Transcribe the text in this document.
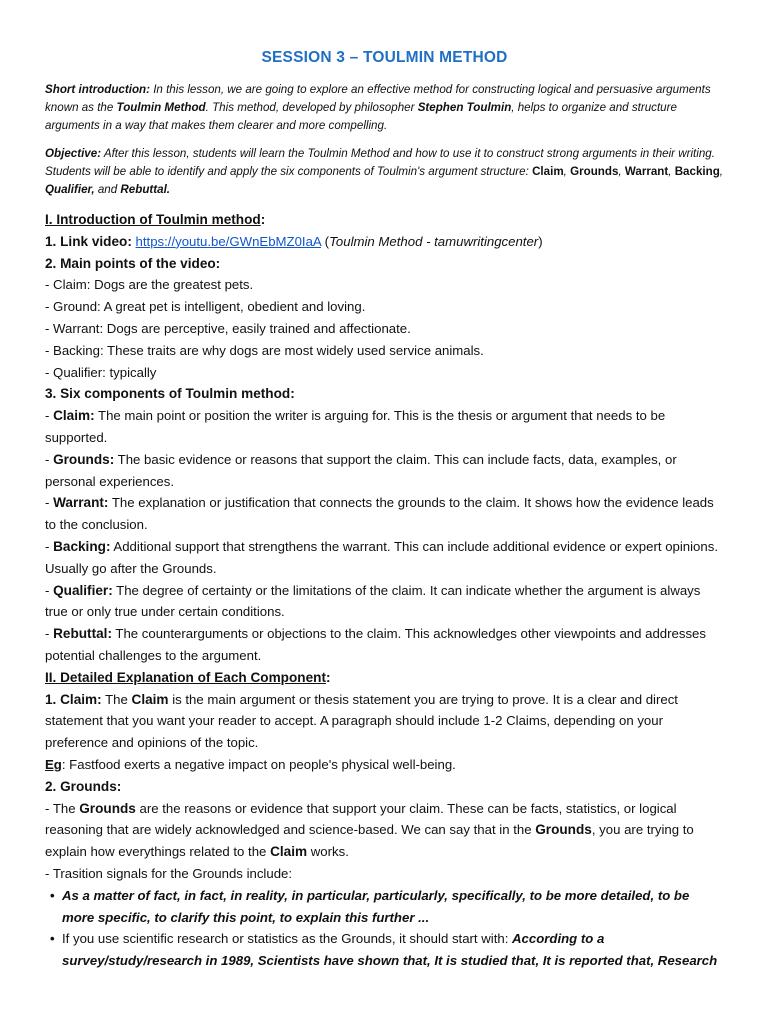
SESSION 3 – TOULMIN METHOD

Short introduction: In this lesson, we are going to explore an effective method for constructing logical and persuasive arguments known as the Toulmin Method. This method, developed by philosopher Stephen Toulmin, helps to organize and structure arguments in a way that makes them clearer and more compelling.

Objective: After this lesson, students will learn the Toulmin Method and how to use it to construct strong arguments in their writing. Students will be able to identify and apply the six components of Toulmin's argument structure: Claim, Grounds, Warrant, Backing, Qualifier, and Rebuttal.

I. Introduction of Toulmin method:

1. Link video: https://youtu.be/GWnEbMZ0IaA (Toulmin Method - tamuwritingcenter)

2. Main points of the video:

- Claim: Dogs are the greatest pets.

- Ground: A great pet is intelligent, obedient and loving.

- Warrant: Dogs are perceptive, easily trained and affectionate.

- Backing: These traits are why dogs are most widely used service animals.

- Qualifier: typically

3. Six components of Toulmin method:

- Claim: The main point or position the writer is arguing for. This is the thesis or argument that needs to be supported.

- Grounds: The basic evidence or reasons that support the claim. This can include facts, data, examples, or personal experiences.

- Warrant: The explanation or justification that connects the grounds to the claim. It shows how the evidence leads to the conclusion.

- Backing: Additional support that strengthens the warrant. This can include additional evidence or expert opinions. Usually go after the Grounds.

- Qualifier: The degree of certainty or the limitations of the claim. It can indicate whether the argument is always true or only true under certain conditions.

- Rebuttal: The counterarguments or objections to the claim. This acknowledges other viewpoints and addresses potential challenges to the argument.

II. Detailed Explanation of Each Component:

1. Claim: The Claim is the main argument or thesis statement you are trying to prove. It is a clear and direct statement that you want your reader to accept. A paragraph should include 1-2 Claims, depending on your preference and opinions of the topic.

Eg: Fastfood exerts a negative impact on people's physical well-being.

2. Grounds:

- The Grounds are the reasons or evidence that support your claim. These can be facts, statistics, or logical reasoning that are widely acknowledged and science-based. We can say that in the Grounds, you are trying to explain how everythings related to the Claim works.

- Trasition signals for the Grounds include:

• As a matter of fact, in fact, in reality, in particular, particularly, specifically, to be more detailed, to be more specific, to clarify this point, to explain this further ...
• If you use scientific research or statistics as the Grounds, it should start with: According to a survey/study/research in 1989, Scientists have shown that, It is studied that, It is reported that, Research
